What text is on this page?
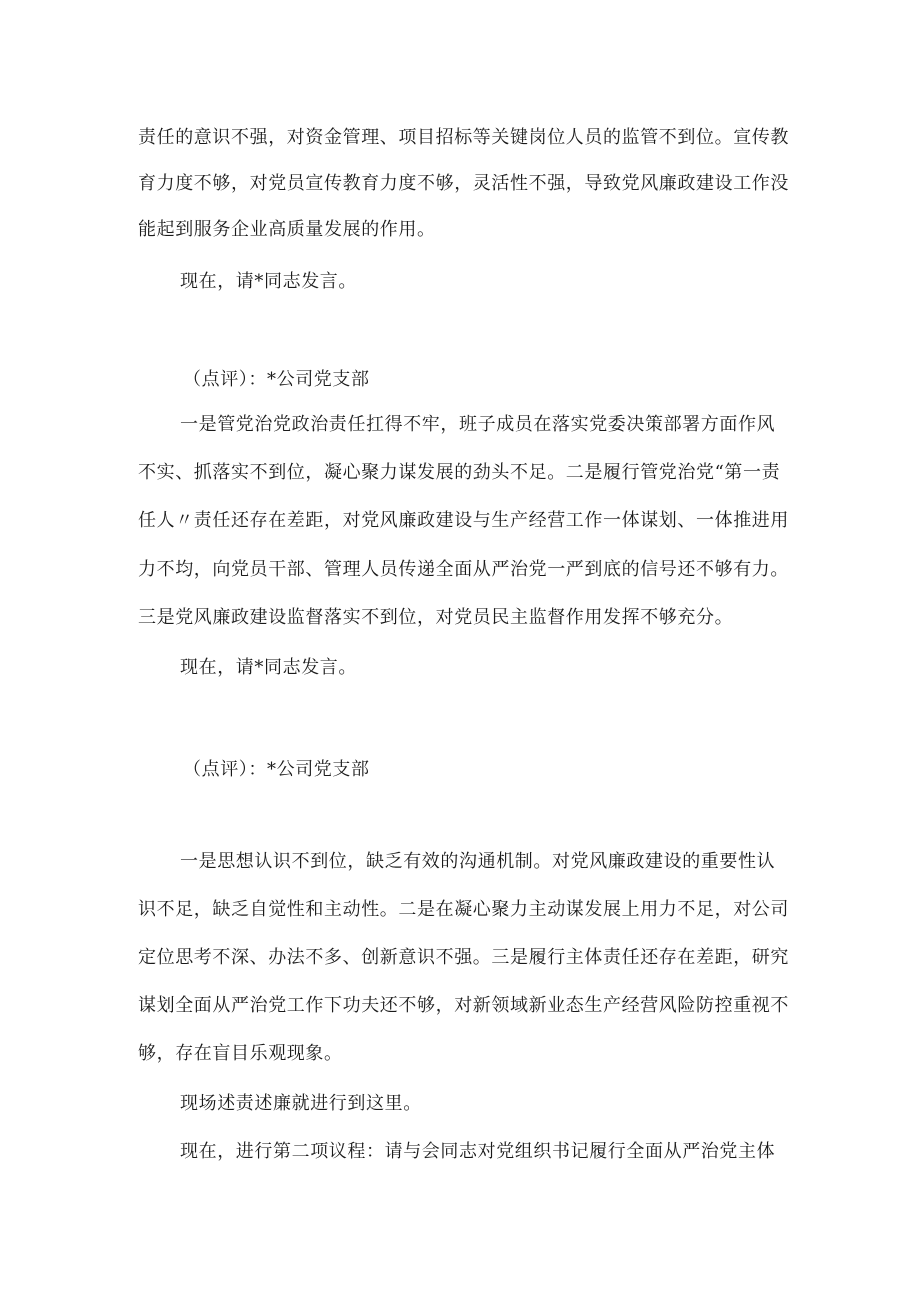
责任的意识不强，对资金管理、项目招标等关键岗位人员的监管不到位。宣传教
育力度不够，对党员宣传教育力度不够，灵活性不强，导致党风廉政建设工作没
能起到服务企业高质量发展的作用。
现在，请*同志发言。
（点评）：*公司党支部
一是管党治党政治责任扛得不牢，班子成员在落实党委决策部署方面作风
不实、抓落实不到位，凝心聚力谋发展的劲头不足。二是履行管党治党“第一责
任人〃责任还存在差距，对党风廉政建设与生产经营工作一体谋划、一体推进用
力不均，向党员干部、管理人员传递全面从严治党一严到底的信号还不够有力。
三是党风廉政建设监督落实不到位，对党员民主监督作用发挥不够充分。
现在，请*同志发言。
（点评）：*公司党支部
一是思想认识不到位，缺乏有效的沟通机制。对党风廉政建设的重要性认
识不足，缺乏自觉性和主动性。二是在凝心聚力主动谋发展上用力不足，对公司
定位思考不深、办法不多、创新意识不强。三是履行主体责任还存在差距，研究
谋划全面从严治党工作下功夫还不够，对新领域新业态生产经营风险防控重视不
够，存在盲目乐观现象。
现场述责述廉就进行到这里。
现在，进行第二项议程：请与会同志对党组织书记履行全面从严治党主体
